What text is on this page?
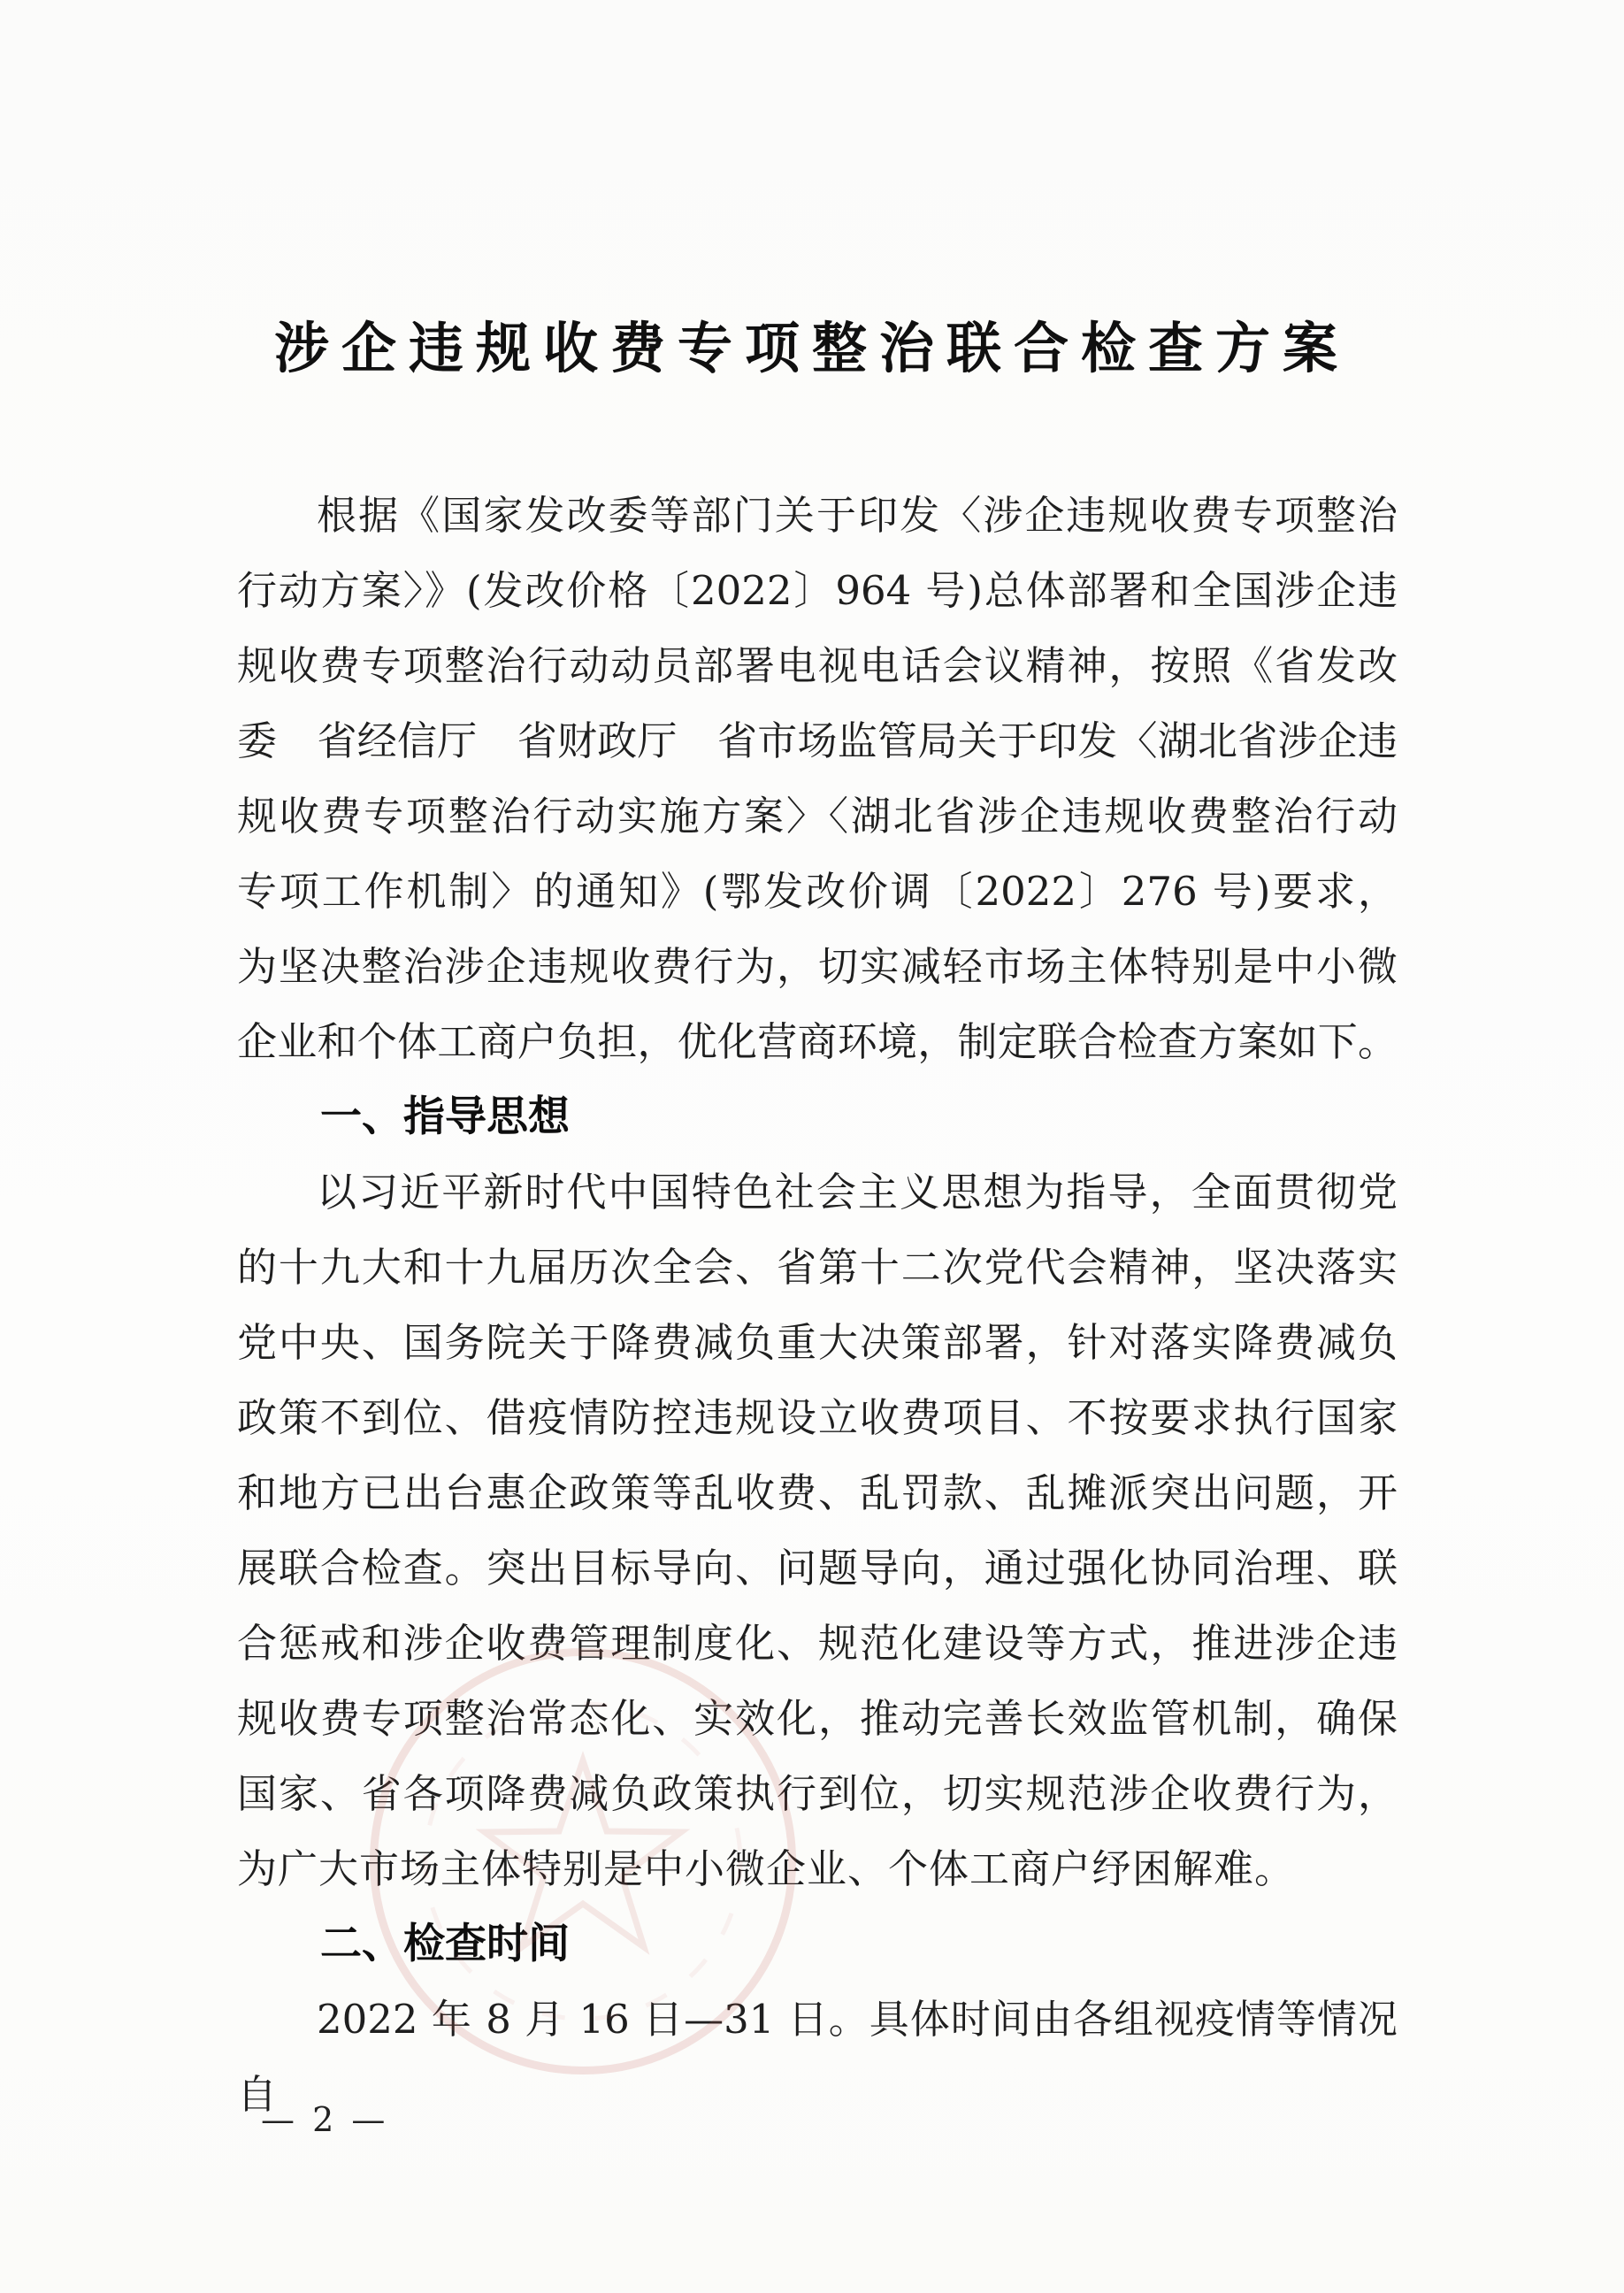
涉企违规收费专项整治联合检查方案
根据《国家发改委等部门关于印发〈涉企违规收费专项整治
行动方案〉》(发改价格〔2022〕964 号)总体部署和全国涉企违
规收费专项整治行动动员部署电视电话会议精神，按照《省发改
委　省经信厅　省财政厅　省市场监管局关于印发〈湖北省涉企违
规收费专项整治行动实施方案〉〈湖北省涉企违规收费整治行动
专项工作机制〉的通知》(鄂发改价调〔2022〕276 号)要求，
为坚决整治涉企违规收费行为，切实减轻市场主体特别是中小微
企业和个体工商户负担，优化营商环境，制定联合检查方案如下。
一、指导思想
以习近平新时代中国特色社会主义思想为指导，全面贯彻党
的十九大和十九届历次全会、省第十二次党代会精神，坚决落实
党中央、国务院关于降费减负重大决策部署，针对落实降费减负
政策不到位、借疫情防控违规设立收费项目、不按要求执行国家
和地方已出台惠企政策等乱收费、乱罚款、乱摊派突出问题，开
展联合检查。突出目标导向、问题导向，通过强化协同治理、联
合惩戒和涉企收费管理制度化、规范化建设等方式，推进涉企违
规收费专项整治常态化、实效化，推动完善长效监管机制，确保
国家、省各项降费减负政策执行到位，切实规范涉企收费行为，
为广大市场主体特别是中小微企业、个体工商户纾困解难。
二、检查时间
2022 年 8 月 16 日—31 日。具体时间由各组视疫情等情况自
— 2 —
